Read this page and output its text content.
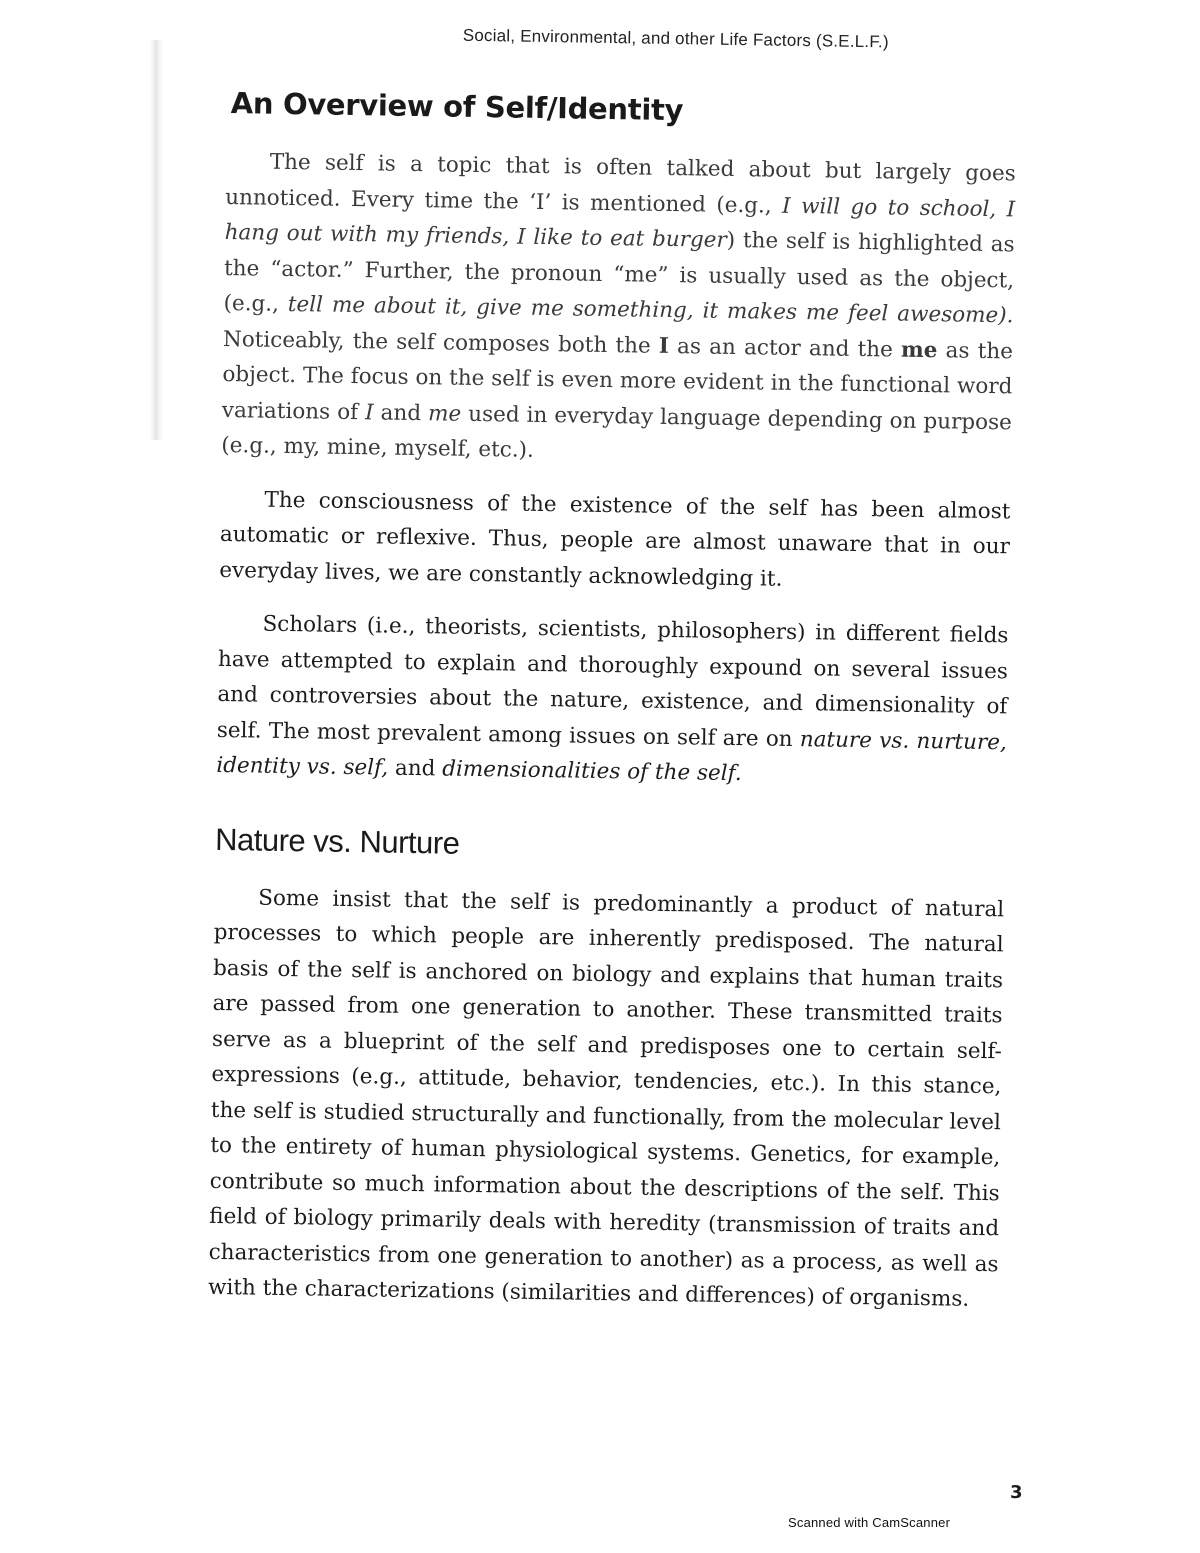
Social, Environmental, and other Life Factors (S.E.L.F.)
An Overview of Self/Identity

The self is a topic that is often talked about but largely goes unnoticed. Every time the ‘I’ is mentioned (e.g., I will go to school, I hang out with my friends, I like to eat burger) the self is highlighted as the “actor.” Further, the pronoun “me” is usually used as the object, (e.g., tell me about it, give me something, it makes me feel awesome). Noticeably, the self composes both the I as an actor and the me as the object. The focus on the self is even more evident in the functional word variations of I and me used in everyday language depending on purpose (e.g., my, mine, myself, etc.).

The consciousness of the existence of the self has been almost automatic or reflexive. Thus, people are almost unaware that in our everyday lives, we are constantly acknowledging it.

Scholars (i.e., theorists, scientists, philosophers) in different fields have attempted to explain and thoroughly expound on several issues and controversies about the nature, existence, and dimensionality of self. The most prevalent among issues on self are on nature vs. nurture, identity vs. self, and dimensionalities of the self.

Nature vs. Nurture

Some insist that the self is predominantly a product of natural processes to which people are inherently predisposed. The natural basis of the self is anchored on biology and explains that human traits are passed from one generation to another. These transmitted traits serve as a blueprint of the self and predisposes one to certain self-expressions (e.g., attitude, behavior, tendencies, etc.). In this stance, the self is studied structurally and functionally, from the molecular level to the entirety of human physiological systems. Genetics, for example, contribute so much information about the descriptions of the self. This field of biology primarily deals with heredity (transmission of traits and characteristics from one generation to another) as a process, as well as with the characterizations (similarities and differences) of organisms.

3
Scanned with CamScanner
